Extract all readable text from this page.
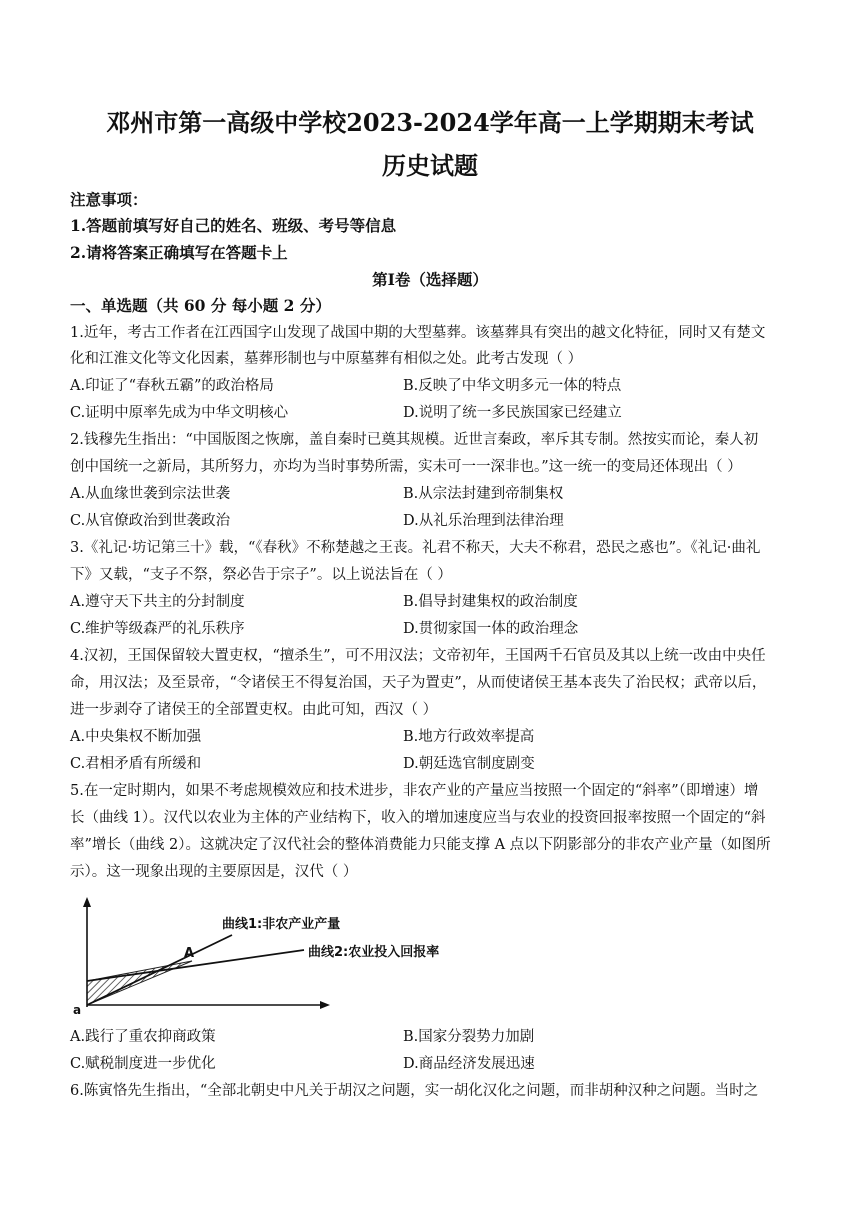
邓州市第一高级中学校2023-2024学年高一上学期期末考试
历史试题
注意事项：
1.答题前填写好自己的姓名、班级、考号等信息
2.请将答案正确填写在答题卡上
第Ⅰ卷（选择题）
一、单选题（共 60 分 每小题 2 分）
1.近年，考古工作者在江西国字山发现了战国中期的大型墓葬。该墓葬具有突出的越文化特征，同时又有楚文
化和江淮文化等文化因素，墓葬形制也与中原墓葬有相似之处。此考古发现（ ）
A.印证了“春秋五霸”的政治格局	B.反映了中华文明多元一体的特点
C.证明中原率先成为中华文明核心	D.说明了统一多民族国家已经建立
2.钱穆先生指出：“中国版图之恢廓，盖自秦时已奠其规模。近世言秦政，率斥其专制。然按实而论，秦人初
创中国统一之新局，其所努力，亦均为当时事势所需，实未可一一深非也。”这一统一的变局还体现出（ ）
A.从血缘世袭到宗法世袭	B.从宗法封建到帝制集权
C.从官僚政治到世袭政治	D.从礼乐治理到法律治理
3.《礼记·坊记第三十》载，“《春秋》不称楚越之王丧。礼君不称天，大夫不称君，恐民之惑也”。《礼记·曲礼
下》又载，“支子不祭，祭必告于宗子”。以上说法旨在（ ）
A.遵守天下共主的分封制度	B.倡导封建集权的政治制度
C.维护等级森严的礼乐秩序	D.贯彻家国一体的政治理念
4.汉初，王国保留较大置吏权，“擅杀生”，可不用汉法；文帝初年，王国两千石官员及其以上统一改由中央任
命，用汉法；及至景帝，“令诸侯王不得复治国，天子为置吏”，从而使诸侯王基本丧失了治民权；武帝以后，
进一步剥夺了诸侯王的全部置吏权。由此可知，西汉（ ）
A.中央集权不断加强	B.地方行政效率提高
C.君相矛盾有所缓和	D.朝廷选官制度剧变
5.在一定时期内，如果不考虑规模效应和技术进步，非农产业的产量应当按照一个固定的“斜率”（即增速）增
长（曲线 1）。汉代以农业为主体的产业结构下，收入的增加速度应当与农业的投资回报率按照一个固定的“斜
率”增长（曲线 2）。这就决定了汉代社会的整体消费能力只能支撑 A 点以下阴影部分的非农产业产量（如图所
示）。这一现象出现的主要原因是，汉代（ ）
曲线1:非农产业产量
曲线2:农业投入回报率
A
a
A.践行了重农抑商政策	B.国家分裂势力加剧
C.赋税制度进一步优化	D.商品经济发展迅速
6.陈寅恪先生指出，“全部北朝史中凡关于胡汉之问题，实一胡化汉化之问题，而非胡种汉种之问题。当时之
